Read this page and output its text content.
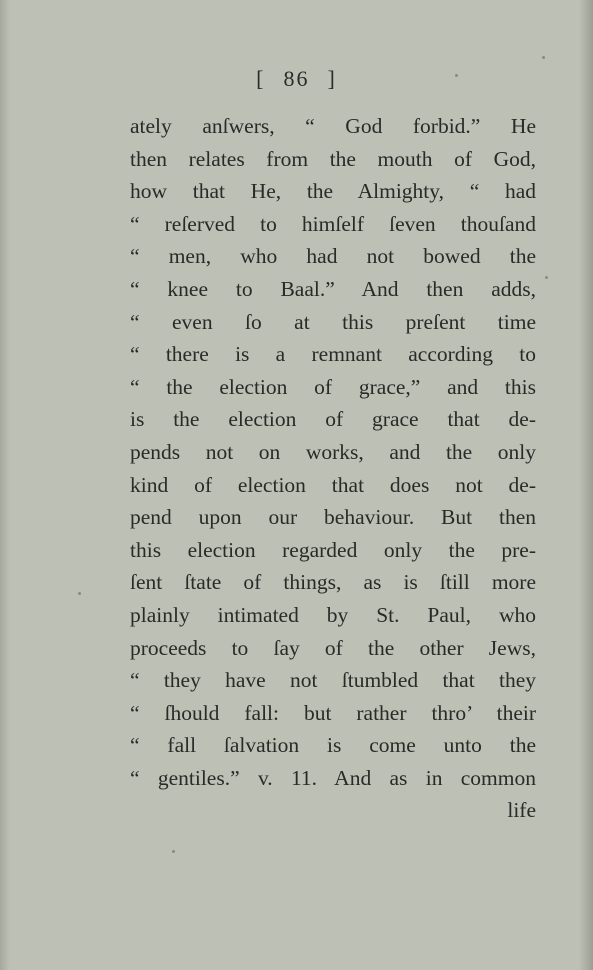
[ 86 ]
ately anſwers, “ God forbid.” He
then relates from the mouth of God,
how that He, the Almighty, “ had
“ reſerved to himſelf ſeven thouſand
“ men, who had not bowed the
“ knee to Baal.” And then adds,
“ even ſo at this preſent time
“ there is a remnant according to
“ the election of grace,” and this
is the election of grace that de-
pends not on works, and the only
kind of election that does not de-
pend upon our behaviour. But then
this election regarded only the pre-
ſent ſtate of things, as is ſtill more
plainly intimated by St. Paul, who
proceeds to ſay of the other Jews,
“ they have not ſtumbled that they
“ ſhould fall: but rather thro’ their
“ fall ſalvation is come unto the
“ gentiles.” v. 11. And as in common
life
